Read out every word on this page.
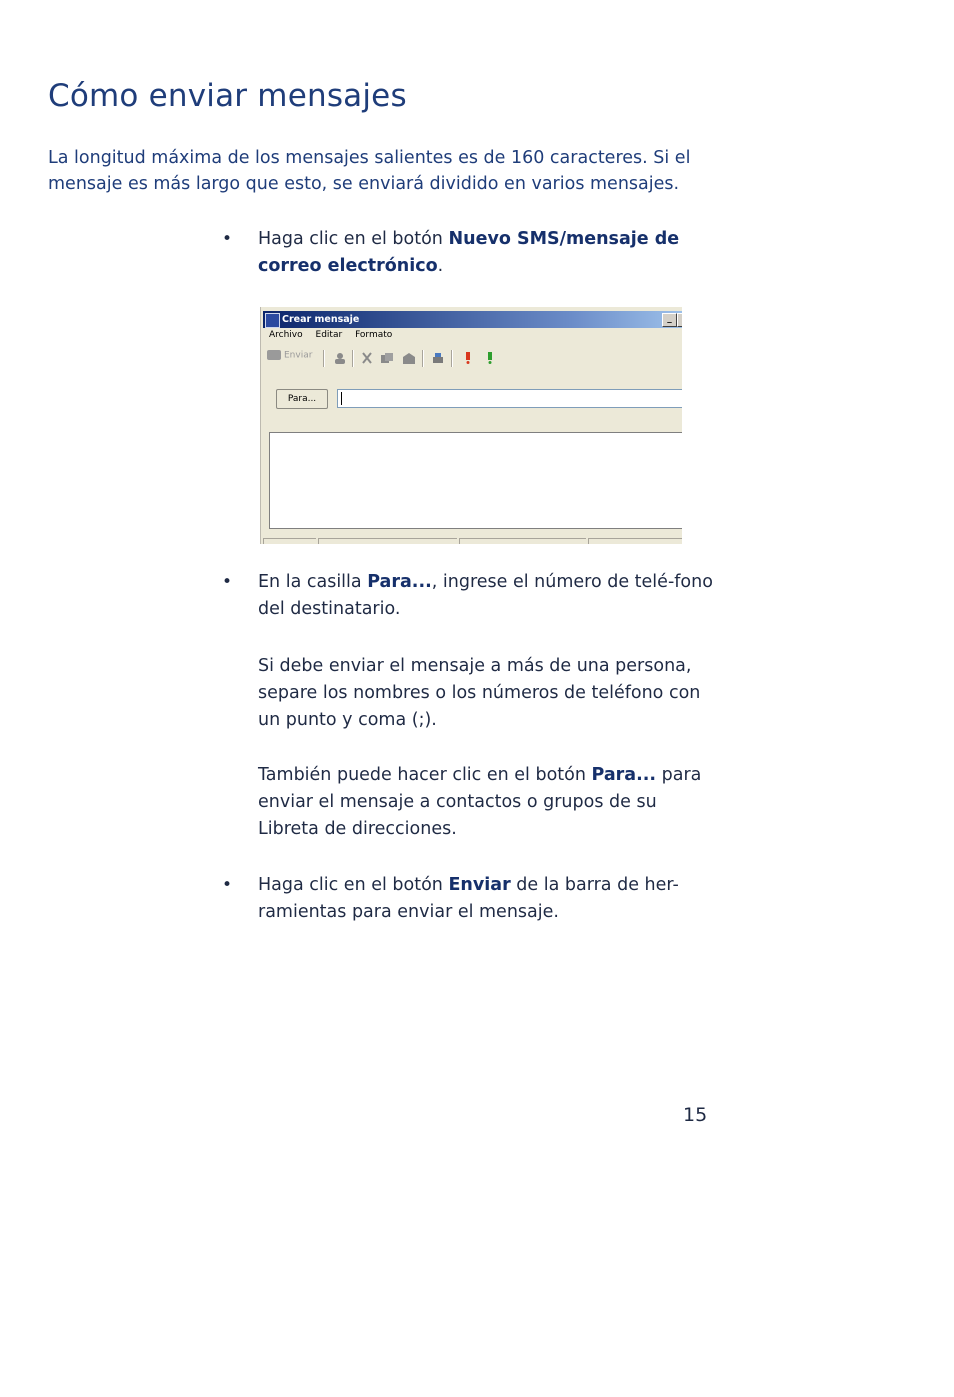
Cómo enviar mensajes
La longitud máxima de los mensajes salientes es de 160 caracteres. Si el mensaje es más largo que esto, se enviará dividido en varios mensajes.
• Haga clic en el botón Nuevo SMS/mensaje de correo electrónico.
Crear mensaje	_
Archivo Editar Formato
Enviar
Para...
• En la casilla Para..., ingrese el número de telé-fono del destinatario.
Si debe enviar el mensaje a más de una persona, separe los nombres o los números de teléfono con un punto y coma (;).
También puede hacer clic en el botón Para... para enviar el mensaje a contactos o grupos de su Libreta de direcciones.
• Haga clic en el botón Enviar de la barra de her-ramientas para enviar el mensaje.
15
